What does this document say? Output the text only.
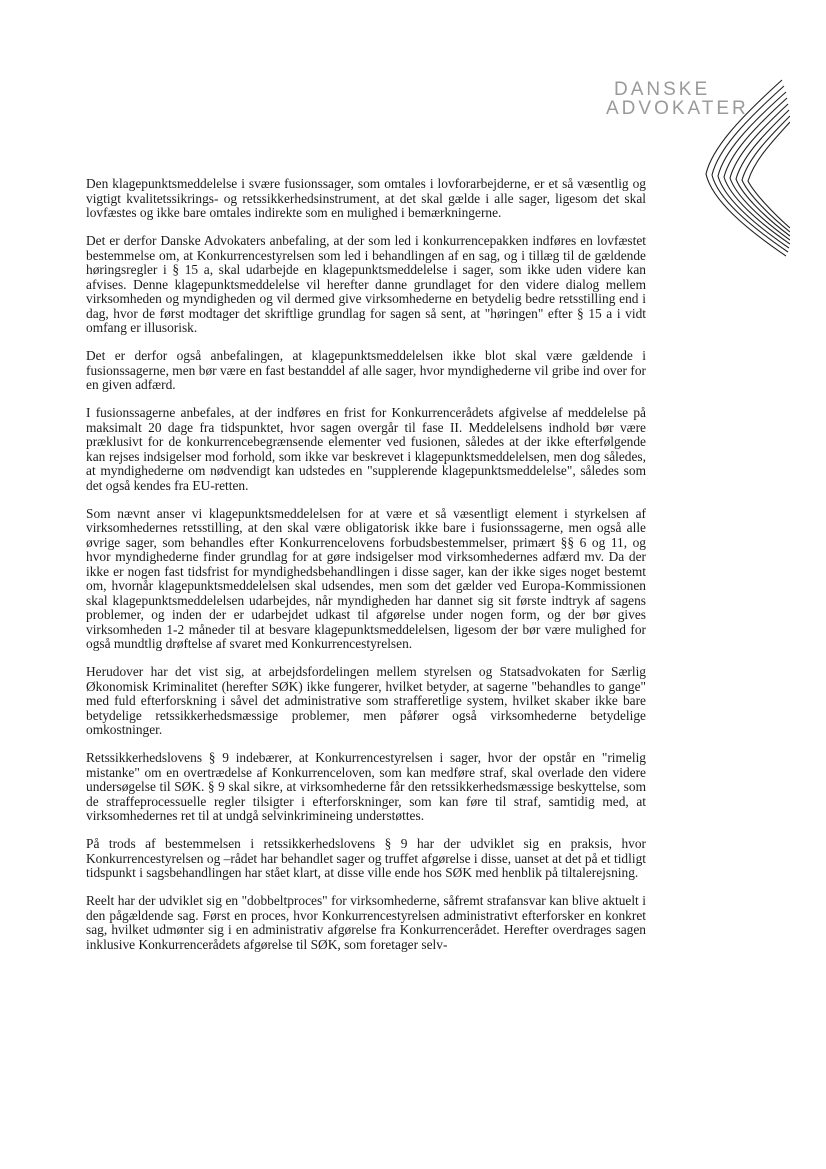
DANSKE
ADVOKATER

Den klagepunktsmeddelelse i svære fusionssager, som omtales i lovforarbejderne, er et så væsentlig og vigtigt kvalitetssikrings- og retssikkerhedsinstrument, at det skal gælde i alle sager, ligesom det skal lovfæstes og ikke bare omtales indirekte som en mulighed i bemærkningerne.

Det er derfor Danske Advokaters anbefaling, at der som led i konkurrencepakken indføres en lovfæstet bestemmelse om, at Konkurrencestyrelsen som led i behandlingen af en sag, og i tillæg til de gældende høringsregler i § 15 a, skal udarbejde en klagepunktsmeddelelse i sager, som ikke uden videre kan afvises. Denne klagepunktsmeddelelse vil herefter danne grundlaget for den videre dialog mellem virksomheden og myndigheden og vil dermed give virksomhederne en betydelig bedre retsstilling end i dag, hvor de først modtager det skriftlige grundlag for sagen så sent, at "høringen" efter § 15 a i vidt omfang er illusorisk.

Det er derfor også anbefalingen, at klagepunktsmeddelelsen ikke blot skal være gældende i fusionssagerne, men bør være en fast bestanddel af alle sager, hvor myndighederne vil gribe ind over for en given adfærd.

I fusionssagerne anbefales, at der indføres en frist for Konkurrencerådets afgivelse af meddelelse på maksimalt 20 dage fra tidspunktet, hvor sagen overgår til fase II. Meddelelsens indhold bør være præklusivt for de konkurrencebegrænsende elementer ved fusionen, således at der ikke efterfølgende kan rejses indsigelser mod forhold, som ikke var beskrevet i klagepunktsmeddelelsen, men dog således, at myndighederne om nødvendigt kan udstedes en "supplerende klagepunktsmeddelelse", således som det også kendes fra EU-retten.

Som nævnt anser vi klagepunktsmeddelelsen for at være et så væsentligt element i styrkelsen af virksomhedernes retsstilling, at den skal være obligatorisk ikke bare i fusionssagerne, men også alle øvrige sager, som behandles efter Konkurrencelovens forbudsbestemmelser, primært §§ 6 og 11, og hvor myndighederne finder grundlag for at gøre indsigelser mod virksomhedernes adfærd mv. Da der ikke er nogen fast tidsfrist for myndighedsbehandlingen i disse sager, kan der ikke siges noget bestemt om, hvornår klagepunktsmeddelelsen skal udsendes, men som det gælder ved Europa-Kommissionen skal klagepunktsmeddelelsen udarbejdes, når myndigheden har dannet sig sit første indtryk af sagens problemer, og inden der er udarbejdet udkast til afgørelse under nogen form, og der bør gives virksomheden 1-2 måneder til at besvare klagepunktsmeddelelsen, ligesom der bør være mulighed for også mundtlig drøftelse af svaret med Konkurrencestyrelsen.

Herudover har det vist sig, at arbejdsfordelingen mellem styrelsen og Statsadvokaten for Særlig Økonomisk Kriminalitet (herefter SØK) ikke fungerer, hvilket betyder, at sagerne "behandles to gange" med fuld efterforskning i såvel det administrative som strafferetlige system, hvilket skaber ikke bare betydelige retssikkerhedsmæssige problemer, men påfører også virksomhederne betydelige omkostninger.

Retssikkerhedslovens § 9 indebærer, at Konkurrencestyrelsen i sager, hvor der opstår en "rimelig mistanke" om en overtrædelse af Konkurrenceloven, som kan medføre straf, skal overlade den videre undersøgelse til SØK. § 9 skal sikre, at virksomhederne får den retssikkerhedsmæssige beskyttelse, som de straffeprocessuelle regler tilsigter i efterforskninger, som kan føre til straf, samtidig med, at virksomhedernes ret til at undgå selvinkrimineing understøttes.

På trods af bestemmelsen i retssikkerhedslovens § 9 har der udviklet sig en praksis, hvor Konkurrencestyrelsen og –rådet har behandlet sager og truffet afgørelse i disse, uanset at det på et tidligt tidspunkt i sagsbehandlingen har stået klart, at disse ville ende hos SØK med henblik på tiltalerejsning.

Reelt har der udviklet sig en "dobbeltproces" for virksomhederne, såfremt strafansvar kan blive aktuelt i den pågældende sag. Først en proces, hvor Konkurrencestyrelsen administrativt efterforsker en konkret sag, hvilket udmønter sig i en administrativ afgørelse fra Konkurrencerådet. Herefter overdrages sagen inklusive Konkurrencerådets afgørelse til SØK, som foretager selv-
